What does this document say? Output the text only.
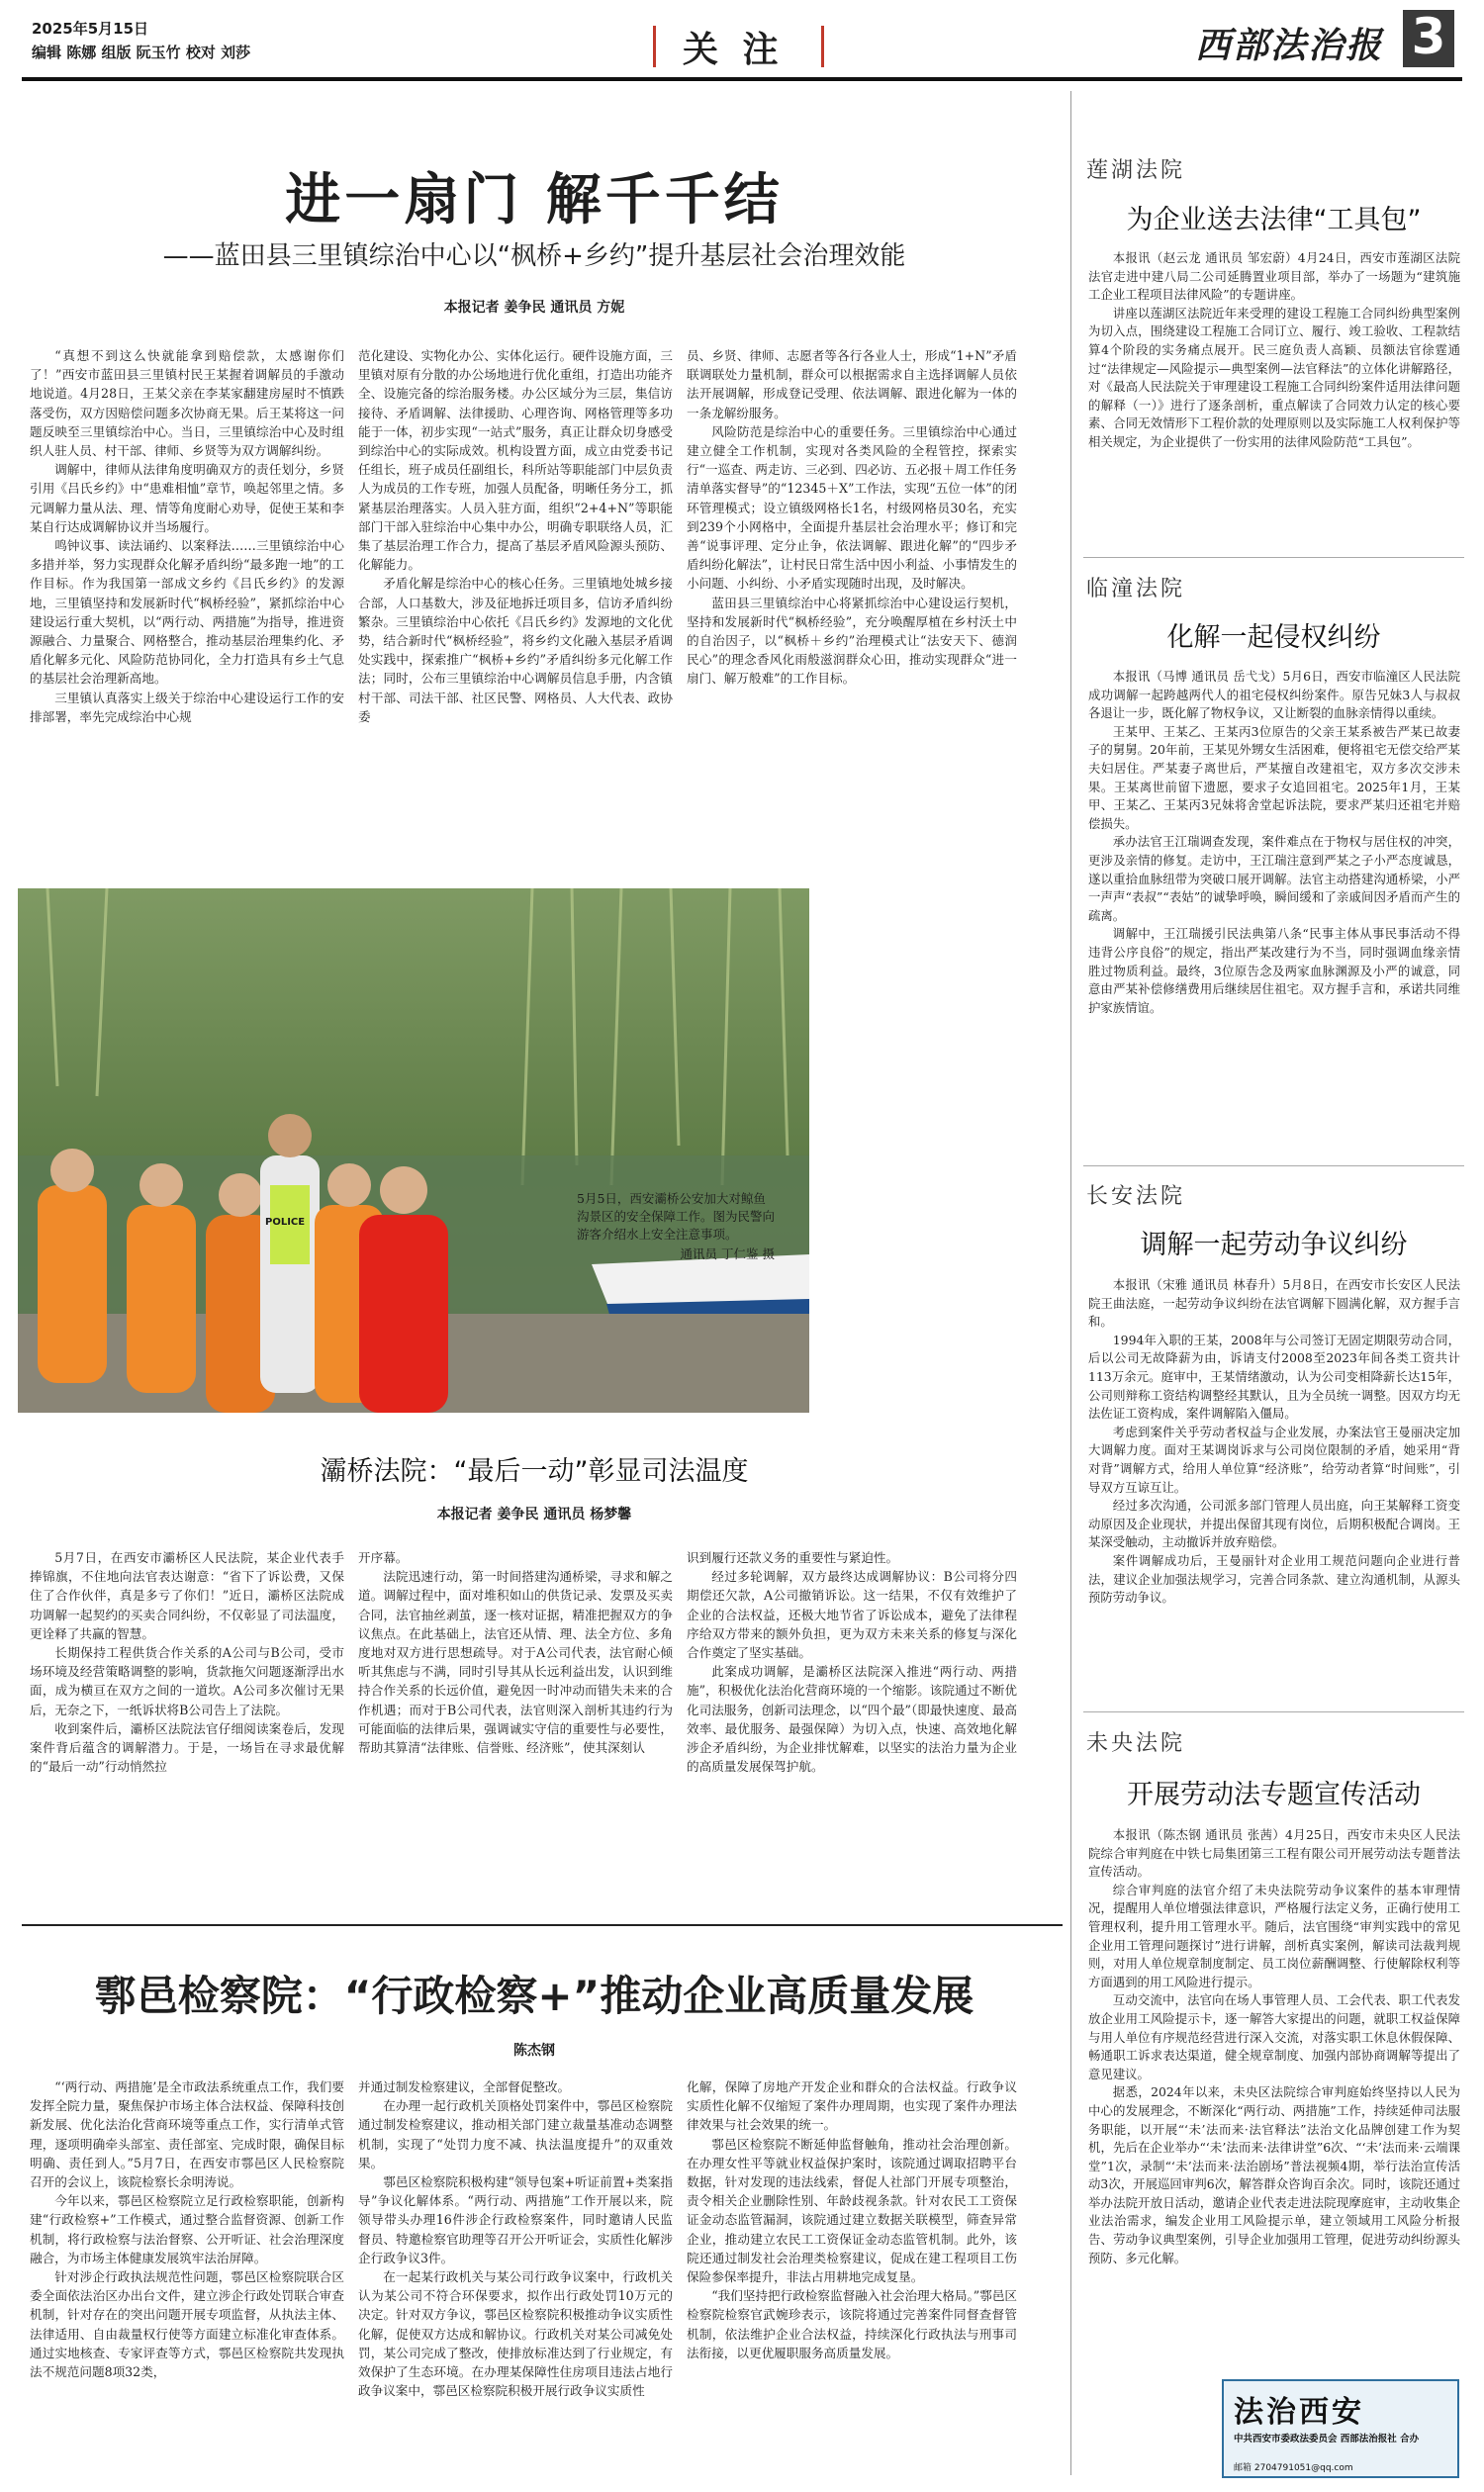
2025年5月15日
编辑 陈娜 组版 阮玉竹 校对 刘莎	关 注	西部法治报 3
进一扇门 解千千结
——蓝田县三里镇综治中心以“枫桥+乡约”提升基层社会治理效能
本报记者 姜争民 通讯员 方妮

“真想不到这么快就能拿到赔偿款，太感谢你们了！”西安市蓝田县三里镇村民王某握着调解员的手激动地说道。4月28日，王某父亲在李某家翻建房屋时不慎跌落受伤，双方因赔偿问题多次协商无果。后王某将这一问题反映至三里镇综治中心。当日，三里镇综治中心及时组织人驻人员、村干部、律师、乡贤等为双方调解纠纷。

调解中，律师从法律角度明确双方的责任划分，乡贤引用《吕氏乡约》中“患难相恤”章节，唤起邻里之情。多元调解力量从法、理、情等角度耐心劝导，促使王某和李某自行达成调解协议并当场履行。

鸣钟议事、读法诵约、以案释法……三里镇综治中心多措并举，努力实现群众化解矛盾纠纷“最多跑一地”的工作目标。作为我国第一部成文乡约《吕氏乡约》的发源地，三里镇坚持和发展新时代“枫桥经验”，紧抓综治中心建设运行重大契机，以“两行动、两措施”为指导，推进资源融合、力量聚合、网格整合，推动基层治理集约化、矛盾化解多元化、风险防范协同化，全力打造具有乡土气息的基层社会治理新高地。

三里镇认真落实上级关于综治中心建设运行工作的安排部署，率先完成综治中心规

范化建设、实物化办公、实体化运行。硬件设施方面，三里镇对原有分散的办公场地进行优化重组，打造出功能齐全、设施完备的综治服务楼。办公区域分为三层，集信访接待、矛盾调解、法律援助、心理咨询、网格管理等多功能于一体，初步实现“一站式”服务，真正让群众切身感受到综治中心的实际成效。机构设置方面，成立由党委书记任组长，班子成员任副组长，科所站等职能部门中层负责人为成员的工作专班，加强人员配备，明晰任务分工，抓紧基层治理落实。人员入驻方面，组织“2+4+N”等职能部门干部入驻综治中心集中办公，明确专职联络人员，汇集了基层治理工作合力，提高了基层矛盾风险源头预防、化解能力。

矛盾化解是综治中心的核心任务。三里镇地处城乡接合部，人口基数大，涉及征地拆迁项目多，信访矛盾纠纷繁杂。三里镇综治中心依托《吕氏乡约》发源地的文化优势，结合新时代“枫桥经验”，将乡约文化融入基层矛盾调处实践中，探索推广“枫桥+乡约”矛盾纠纷多元化解工作法；同时，公布三里镇综治中心调解员信息手册，内含镇村干部、司法干部、社区民警、网格员、人大代表、政协委

员、乡贤、律师、志愿者等各行各业人士，形成“1+N”矛盾联调联处力量机制，群众可以根据需求自主选择调解人员依法开展调解，形成登记受理、依法调解、跟进化解为一体的一条龙解纷服务。

风险防范是综治中心的重要任务。三里镇综治中心通过建立健全工作机制，实现对各类风险的全程管控，探索实行“一巡查、两走访、三必到、四必访、五必报＋周工作任务清单落实督导”的“12345＋X”工作法，实现“五位一体”的闭环管理模式；设立镇级网格长1名，村级网格员30名，充实到239个小网格中，全面提升基层社会治理水平；修订和完善“说事评理、定分止争，依法调解、跟进化解”的“四步矛盾纠纷化解法”，让村民日常生活中因小利益、小事情发生的小问题、小纠纷、小矛盾实现随时出现，及时解决。

蓝田县三里镇综治中心将紧抓综治中心建设运行契机，坚持和发展新时代“枫桥经验”，充分唤醒厚植在乡村沃土中的自治因子，以“枫桥＋乡约”治理模式让“法安天下、德润民心”的理念香风化雨般滋润群众心田，推动实现群众“进一扇门、解万般难”的工作目标。

POLICE
5月5日，西安灞桥公安加大对鲸鱼沟景区的安全保障工作。图为民警向游客介绍水上安全注意事项。
通讯员 丁仁鉴 摄
灞桥法院：“最后一动”彰显司法温度
本报记者 姜争民 通讯员 杨梦馨

5月7日，在西安市灞桥区人民法院，某企业代表手捧锦旗，不住地向法官表达谢意：“省下了诉讼费，又保住了合作伙伴，真是多亏了你们！”近日，灞桥区法院成功调解一起契约的买卖合同纠纷，不仅彰显了司法温度，更诠释了共赢的智慧。

长期保持工程供货合作关系的A公司与B公司，受市场环境及经营策略调整的影响，货款拖欠问题逐渐浮出水面，成为横亘在双方之间的一道坎。A公司多次催讨无果后，无奈之下，一纸诉状将B公司告上了法院。

收到案件后，灞桥区法院法官仔细阅读案卷后，发现案件背后蕴含的调解潜力。于是，一场旨在寻求最优解的“最后一动”行动悄然拉

开序幕。

法院迅速行动，第一时间搭建沟通桥梁，寻求和解之道。调解过程中，面对堆积如山的供货记录、发票及买卖合同，法官抽丝剥茧，逐一核对证据，精准把握双方的争议焦点。在此基础上，法官还从情、理、法全方位、多角度地对双方进行思想疏导。对于A公司代表，法官耐心倾听其焦虑与不满，同时引导其从长远利益出发，认识到维持合作关系的长远价值，避免因一时冲动而错失未来的合作机遇；而对于B公司代表，法官则深入剖析其违约行为可能面临的法律后果，强调诚实守信的重要性与必要性，帮助其算清“法律账、信誉账、经济账”，使其深刻认

识到履行还款义务的重要性与紧迫性。

经过多轮调解，双方最终达成调解协议：B公司将分四期偿还欠款，A公司撤销诉讼。这一结果，不仅有效维护了企业的合法权益，还极大地节省了诉讼成本，避免了法律程序给双方带来的额外负担，更为双方未来关系的修复与深化合作奠定了坚实基础。

此案成功调解，是灞桥区法院深入推进“两行动、两措施”，积极优化法治化营商环境的一个缩影。该院通过不断优化司法服务，创新司法理念，以“四个最”（即最快速度、最高效率、最优服务、最强保障）为切入点，快速、高效地化解涉企矛盾纠纷，为企业排忧解难，以坚实的法治力量为企业的高质量发展保驾护航。

鄠邑检察院：“行政检察+”推动企业高质量发展
陈杰钢

“‘两行动、两措施’是全市政法系统重点工作，我们要发挥全院力量，聚焦保护市场主体合法权益、保障科技创新发展、优化法治化营商环境等重点工作，实行清单式管理，逐项明确牵头部室、责任部室、完成时限，确保目标明确、责任到人。”5月7日，在西安市鄠邑区人民检察院召开的会议上，该院检察长余明涛说。

今年以来，鄠邑区检察院立足行政检察职能，创新构建“行政检察+”工作模式，通过整合监督资源、创新工作机制，将行政检察与法治督察、公开听证、社会治理深度融合，为市场主体健康发展筑牢法治屏障。

针对涉企行政执法规范性问题，鄠邑区检察院联合区委全面依法治区办出台文件，建立涉企行政处罚联合审查机制，针对存在的突出问题开展专项监督，从执法主体、法律适用、自由裁量权行使等方面建立标准化审查体系。通过实地核查、专家评查等方式，鄠邑区检察院共发现执法不规范问题8项32类，

并通过制发检察建议，全部督促整改。

在办理一起行政机关顶格处罚案件中，鄠邑区检察院通过制发检察建议，推动相关部门建立裁量基准动态调整机制，实现了“处罚力度不减、执法温度提升”的双重效果。

鄠邑区检察院积极构建“领导包案+听证前置+类案指导”争议化解体系。“两行动、两措施”工作开展以来，院领导带头办理16件涉企行政检察案件，同时邀请人民监督员、特邀检察官助理等召开公开听证会，实质性化解涉企行政争议3件。

在一起某行政机关与某公司行政争议案中，行政机关认为某公司不符合环保要求，拟作出行政处罚10万元的决定。针对双方争议，鄠邑区检察院积极推动争议实质性化解，促使双方达成和解协议。行政机关对某公司减免处罚，某公司完成了整改，使排放标准达到了行业规定，有效保护了生态环境。在办理某保障性住房项目违法占地行政争议案中，鄠邑区检察院积极开展行政争议实质性

化解，保障了房地产开发企业和群众的合法权益。行政争议实质性化解不仅缩短了案件办理周期，也实现了案件办理法律效果与社会效果的统一。

鄠邑区检察院不断延伸监督触角，推动社会治理创新。在办理女性平等就业权益保护案时，该院通过调取招聘平台数据，针对发现的违法线索，督促人社部门开展专项整治，责令相关企业删除性别、年龄歧视条款。针对农民工工资保证金动态监管漏洞，该院通过建立数据关联模型，筛查异常企业，推动建立农民工工资保证金动态监管机制。此外，该院还通过制发社会治理类检察建议，促成在建工程项目工伤保险参保率提升，非法占用耕地完成复垦。

“我们坚持把行政检察监督融入社会治理大格局。”鄠邑区检察院检察官武婉珍表示，该院将通过完善案件同督查督管机制，依法维护企业合法权益，持续深化行政执法与刑事司法衔接，以更优履职服务高质量发展。

莲湖法院
为企业送去法律“工具包”

本报讯（赵云龙 通讯员 邹宏蔚）4月24日，西安市莲湖区法院法官走进中建八局二公司延腾置业项目部，举办了一场题为“建筑施工企业工程项目法律风险”的专题讲座。

讲座以莲湖区法院近年来受理的建设工程施工合同纠纷典型案例为切入点，围绕建设工程施工合同订立、履行、竣工验收、工程款结算4个阶段的实务痛点展开。民三庭负责人高颖、员额法官徐霆通过“法律规定—风险提示—典型案例—法官释法”的立体化讲解路径，对《最高人民法院关于审理建设工程施工合同纠纷案件适用法律问题的解释（一）》进行了逐条剖析，重点解读了合同效力认定的核心要素、合同无效情形下工程价款的处理原则以及实际施工人权利保护等相关规定，为企业提供了一份实用的法律风险防范“工具包”。

临潼法院
化解一起侵权纠纷

本报讯（马博 通讯员 岳弋戈）5月6日，西安市临潼区人民法院成功调解一起跨越两代人的祖宅侵权纠纷案件。原告兄妹3人与叔叔各退让一步，既化解了物权争议，又让断裂的血脉亲情得以重续。

王某甲、王某乙、王某丙3位原告的父亲王某系被告严某已故妻子的舅舅。20年前，王某见外甥女生活困难，便将祖宅无偿交给严某夫妇居住。严某妻子离世后，严某擅自改建祖宅，双方多次交涉未果。王某离世前留下遗愿，要求子女追回祖宅。2025年1月，王某甲、王某乙、王某丙3兄妹将舍堂起诉法院，要求严某归还祖宅并赔偿损失。

承办法官王江瑞调查发现，案件难点在于物权与居住权的冲突，更涉及亲情的修复。走访中，王江瑞注意到严某之子小严态度诚恳，遂以重拾血脉纽带为突破口展开调解。法官主动搭建沟通桥梁，小严一声声“表叔”“表姑”的诚挚呼唤，瞬间缓和了亲戚间因矛盾而产生的疏离。

调解中，王江瑞援引民法典第八条“民事主体从事民事活动不得违背公序良俗”的规定，指出严某改建行为不当，同时强调血缘亲情胜过物质利益。最终，3位原告念及两家血脉渊源及小严的诚意，同意由严某补偿修缮费用后继续居住祖宅。双方握手言和，承诺共同维护家族情谊。

长安法院
调解一起劳动争议纠纷

本报讯（宋雅 通讯员 林春升）5月8日，在西安市长安区人民法院王曲法庭，一起劳动争议纠纷在法官调解下圆满化解，双方握手言和。

1994年入职的王某，2008年与公司签订无固定期限劳动合同，后以公司无故降薪为由，诉请支付2008至2023年间各类工资共计113万余元。庭审中，王某情绪激动，认为公司变相降薪长达15年，公司则辩称工资结构调整经其默认，且为全员统一调整。因双方均无法佐证工资构成，案件调解陷入僵局。

考虑到案件关乎劳动者权益与企业发展，办案法官王曼丽决定加大调解力度。面对王某调岗诉求与公司岗位限制的矛盾，她采用“背对背”调解方式，给用人单位算“经济账”，给劳动者算“时间账”，引导双方互谅互让。

经过多次沟通，公司派多部门管理人员出庭，向王某解释工资变动原因及企业现状，并提出保留其现有岗位，后期积极配合调岗。王某深受触动，主动撤诉并放弃赔偿。

案件调解成功后，王曼丽针对企业用工规范问题向企业进行普法，建议企业加强法规学习，完善合同条款、建立沟通机制，从源头预防劳动争议。

未央法院
开展劳动法专题宣传活动

本报讯（陈杰钢 通讯员 张茜）4月25日，西安市未央区人民法院综合审判庭在中铁七局集团第三工程有限公司开展劳动法专题普法宣传活动。

综合审判庭的法官介绍了未央法院劳动争议案件的基本审理情况，提醒用人单位增强法律意识，严格履行法定义务，正确行使用工管理权利，提升用工管理水平。随后，法官围绕“审判实践中的常见企业用工管理问题探讨”进行讲解，剖析真实案例，解读司法裁判规则，对用人单位规章制度制定、员工岗位薪酬调整、行使解除权利等方面遇到的用工风险进行提示。

互动交流中，法官向在场人事管理人员、工会代表、职工代表发放企业用工风险提示卡，逐一解答大家提出的问题，就职工权益保障与用人单位有序规范经营进行深入交流，对落实职工休息休假保障、畅通职工诉求表达渠道，健全规章制度、加强内部协商调解等提出了意见建议。

据悉，2024年以来，未央区法院综合审判庭始终坚持以人民为中心的发展理念，不断深化“两行动、两措施”工作，持续延伸司法服务职能，以开展“‘未’法而来·法官释法”法治文化品牌创建工作为契机，先后在企业举办“‘未’法而来·法律讲堂”6次、“‘未’法而来·云端课堂”1次，录制“‘未’法而来·法治剧场”普法视频4期，举行法治宣传活动3次，开展巡回审判6次，解答群众咨询百余次。同时，该院还通过举办法院开放日活动，邀请企业代表走进法院现摩庭审，主动收集企业法治需求，编发企业用工风险提示单，建立领域用工风险分析报告、劳动争议典型案例，引导企业加强用工管理，促进劳动纠纷源头预防、多元化解。

法治西安
中共西安市委政法委员会 西部法治报社 合办
邮箱 2704791051@qq.com
